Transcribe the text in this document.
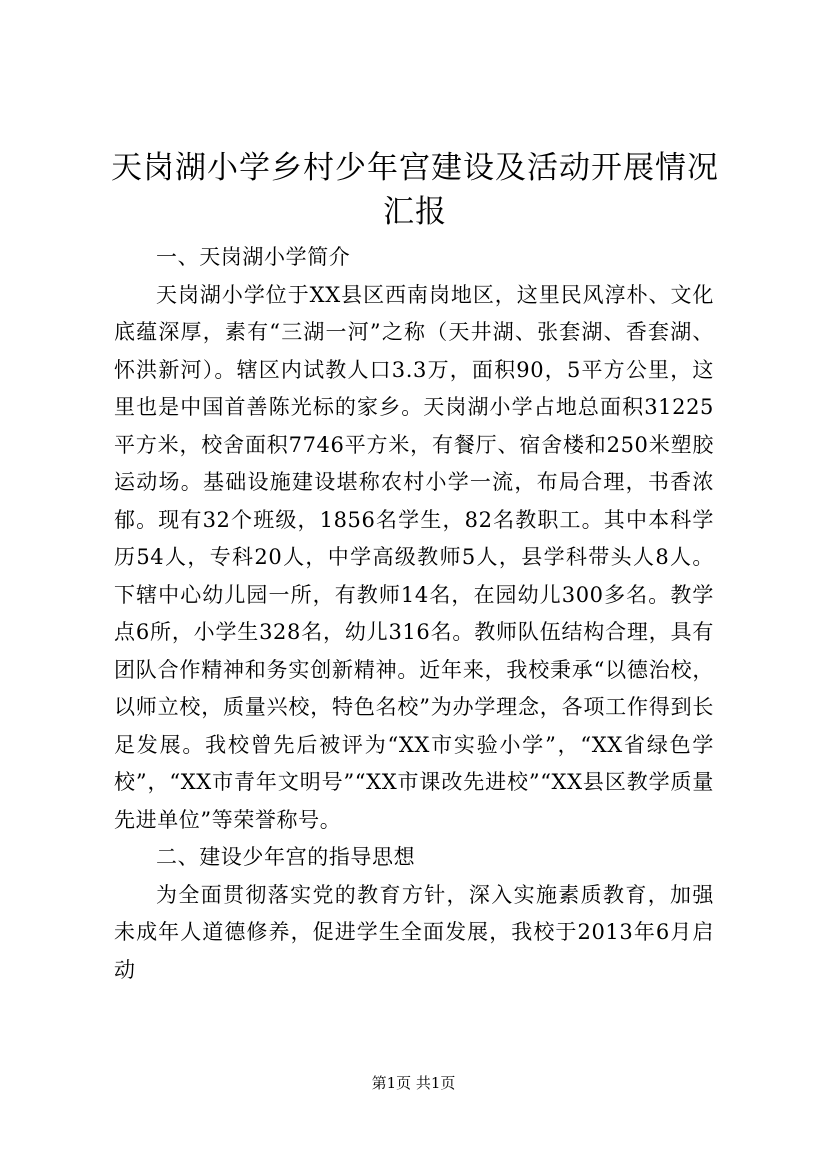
天岗湖小学乡村少年宫建设及活动开展情况汇报

一、天岗湖小学简介

天岗湖小学位于XX县区西南岗地区，这里民风淳朴、文化底蕴深厚，素有“三湖一河”之称（天井湖、张套湖、香套湖、怀洪新河）。辖区内试教人口3.3万，面积90，5平方公里，这里也是中国首善陈光标的家乡。天岗湖小学占地总面积31225平方米，校舍面积7746平方米，有餐厅、宿舍楼和250米塑胶运动场。基础设施建设堪称农村小学一流，布局合理，书香浓郁。现有32个班级，1856名学生，82名教职工。其中本科学历54人，专科20人，中学高级教师5人，县学科带头人8人。下辖中心幼儿园一所，有教师14名，在园幼儿300多名。教学点6所，小学生328名，幼儿316名。教师队伍结构合理，具有团队合作精神和务实创新精神。近年来，我校秉承“以德治校，以师立校，质量兴校，特色名校”为办学理念，各项工作得到长足发展。我校曾先后被评为“XX市实验小学”，“XX省绿色学校”，“XX市青年文明号”“XX市课改先进校”“XX县区教学质量先进单位”等荣誉称号。

二、建设少年宫的指导思想

为全面贯彻落实党的教育方针，深入实施素质教育，加强未成年人道德修养，促进学生全面发展，我校于2013年6月启动

第1页 共1页
